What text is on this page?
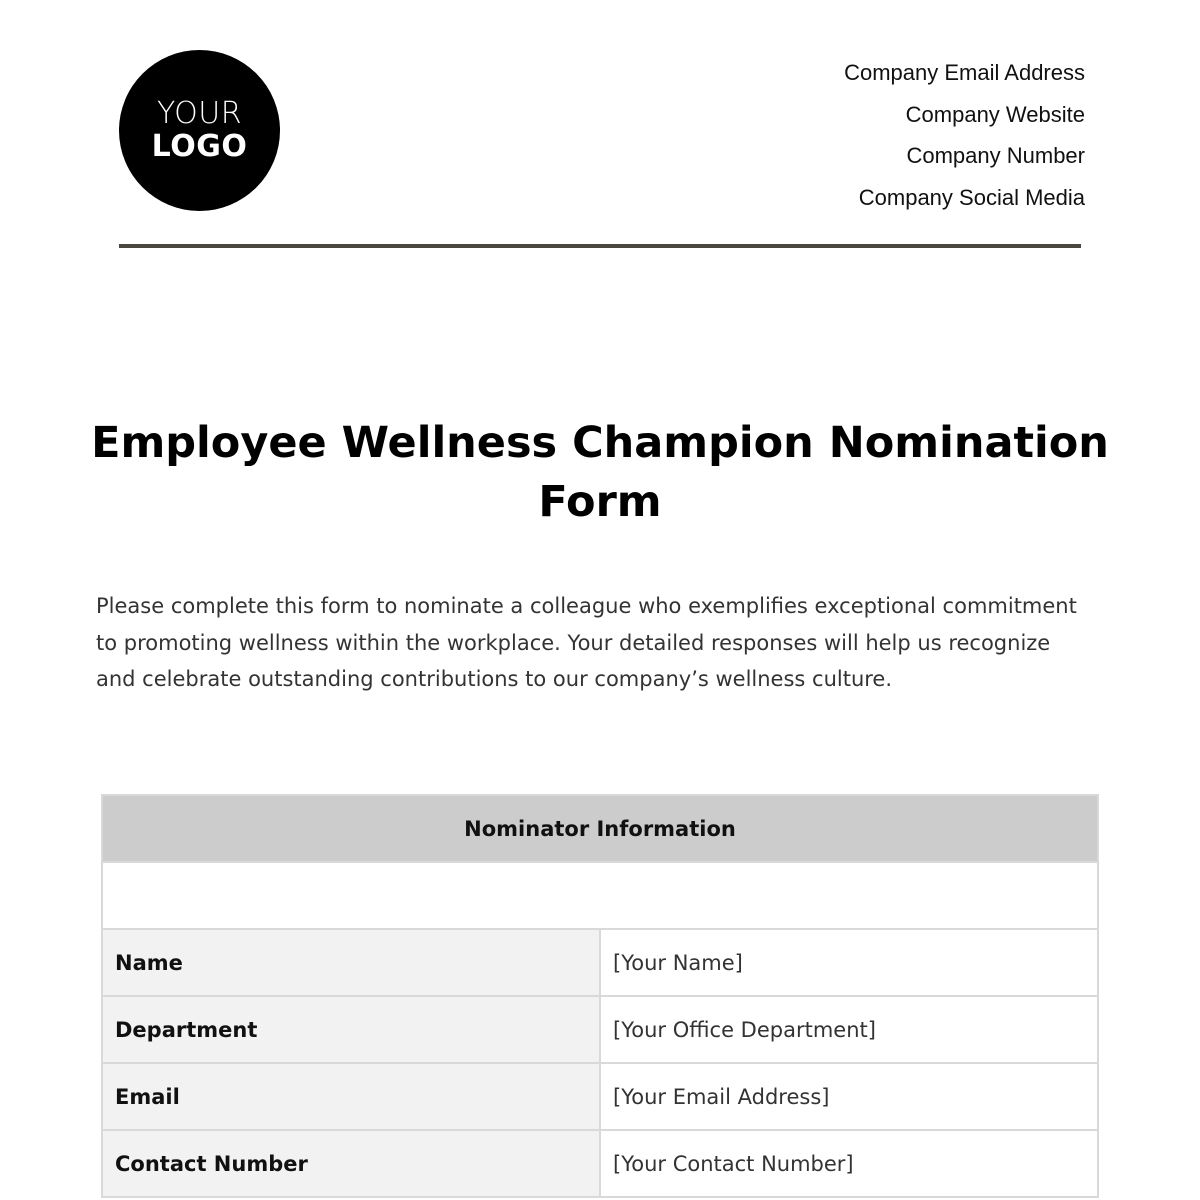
YOUR
LOGO
Company Email Address
Company Website
Company Number
Company Social Media
Employee Wellness Champion Nomination Form

Please complete this form to nominate a colleague who exemplifies exceptional commitment to promoting wellness within the workplace. Your detailed responses will help us recognize and celebrate outstanding contributions to our company’s wellness culture.

Nominator Information	

Name	[Your Name]
Department	[Your Office Department]
Email	[Your Email Address]
Contact Number	[Your Contact Number]
